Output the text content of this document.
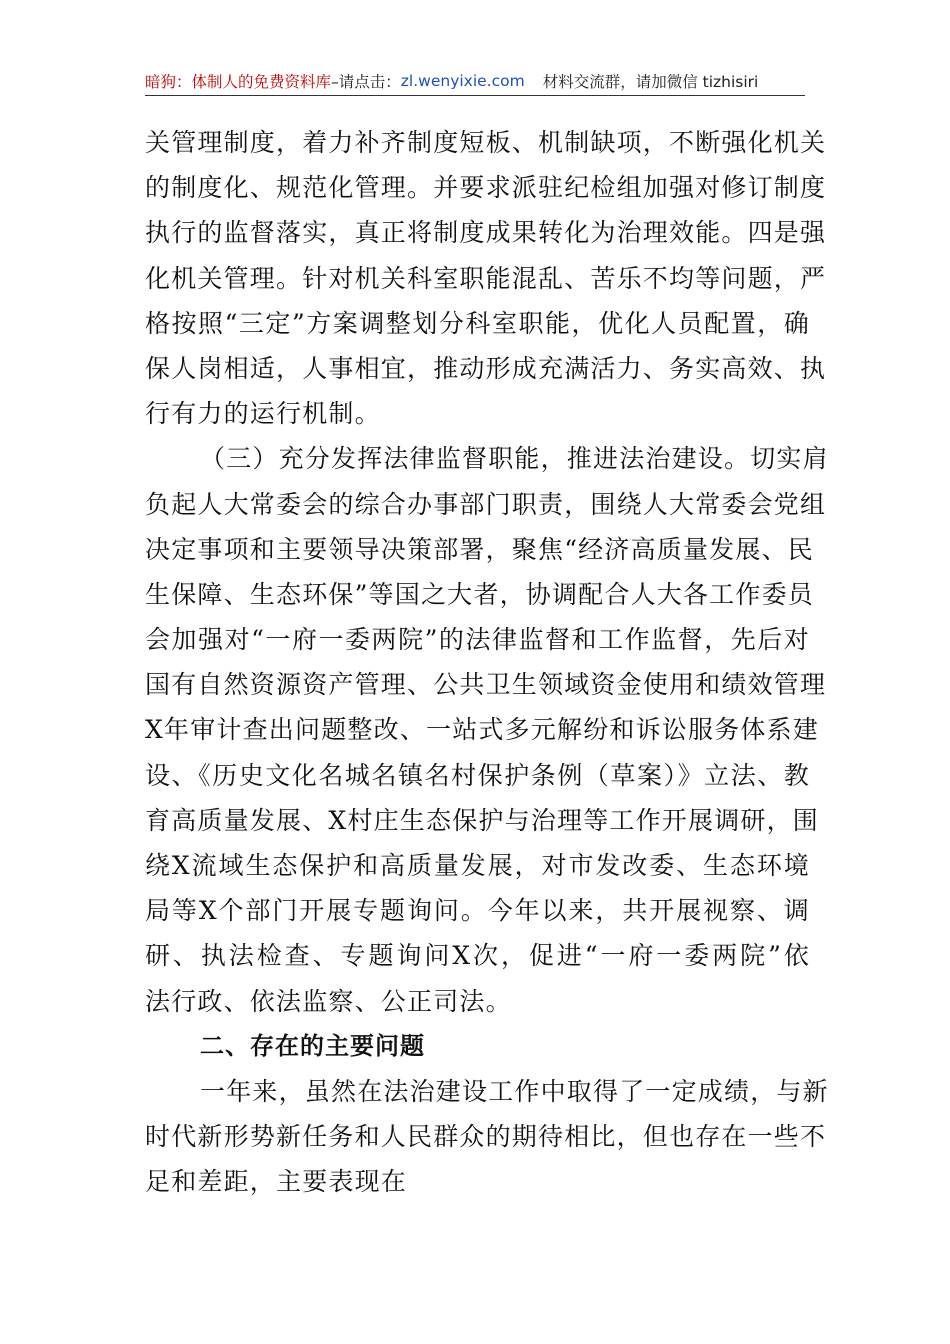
暗狗：体制人的免费资料库 –请点击： zl.wenyixie.com 材料交流群，请加微信 tizhisiri
关管理制度，着力补齐制度短板、机制缺项，不断强化机关
的制度化、规范化管理。并要求派驻纪检组加强对修订制度
执行的监督落实，真正将制度成果转化为治理效能。四是强
化机关管理。针对机关科室职能混乱、苦乐不均等问题，严
格按照“三定”方案调整划分科室职能，优化人员配置，确
保人岗相适，人事相宜，推动形成充满活力、务实高效、执
行有力的运行机制。
（三）充分发挥法律监督职能，推进法治建设。切实肩
负起人大常委会的综合办事部门职责，围绕人大常委会党组
决定事项和主要领导决策部署，聚焦“经济高质量发展、民
生保障、生态环保”等国之大者，协调配合人大各工作委员
会加强对“一府一委两院”的法律监督和工作监督，先后对
国有自然资源资产管理、公共卫生领域资金使用和绩效管理
X年审计查出问题整改、一站式多元解纷和诉讼服务体系建
设、《历史文化名城名镇名村保护条例（草案）》立法、教
育高质量发展、X村庄生态保护与治理等工作开展调研，围
绕X流域生态保护和高质量发展，对市发改委、生态环境
局等X个部门开展专题询问。今年以来，共开展视察、调
研、执法检查、专题询问X次，促进“一府一委两院”依
法行政、依法监察、公正司法。
二、存在的主要问题
一年来，虽然在法治建设工作中取得了一定成绩，与新
时代新形势新任务和人民群众的期待相比，但也存在一些不
足和差距，主要表现在
